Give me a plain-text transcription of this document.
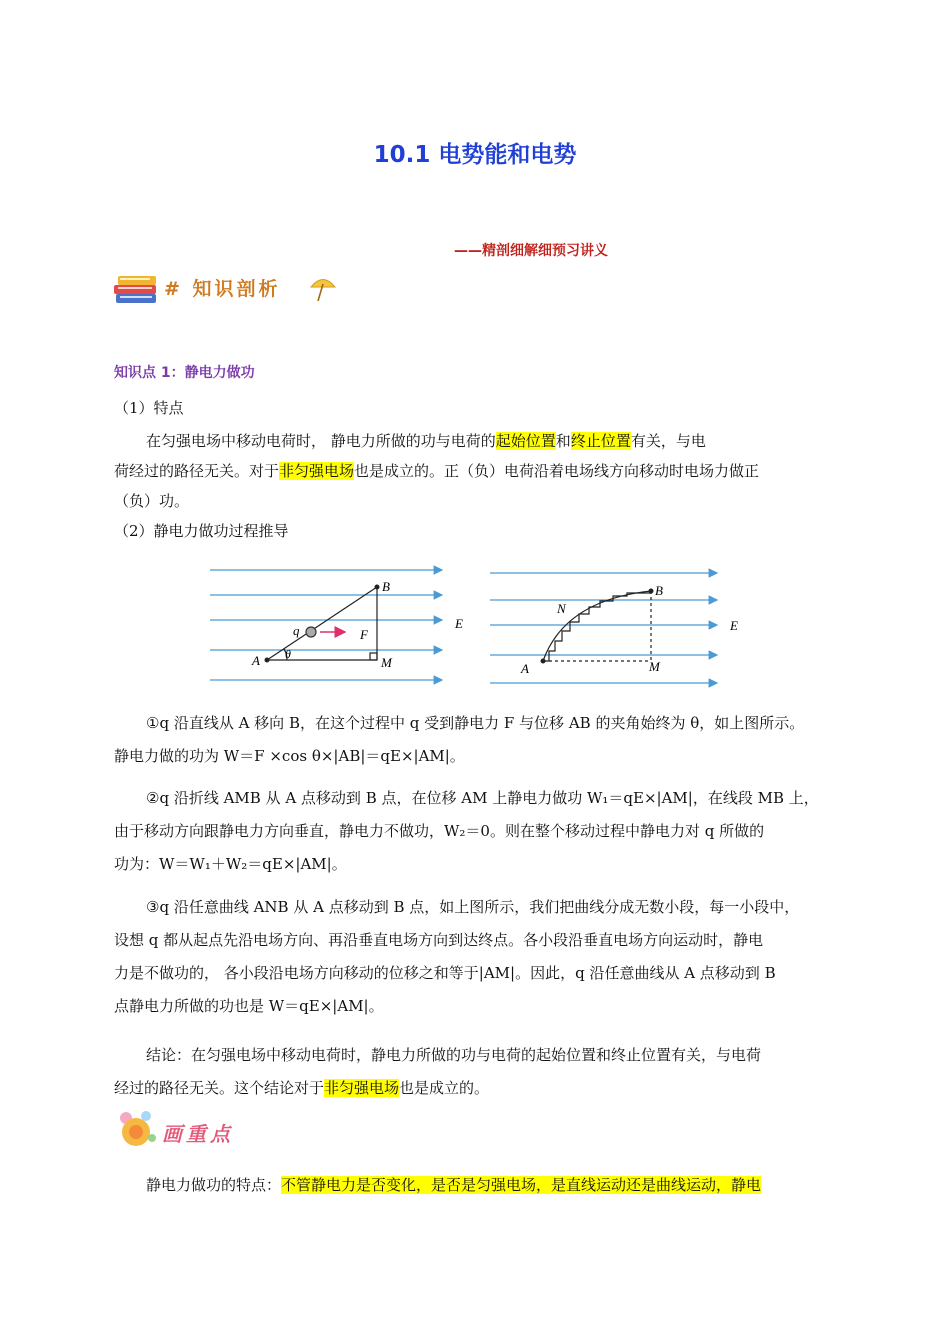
10.1 电势能和电势
——精剖细解细预习讲义
# 知识剖析
知识点 1：静电力做功
（1）特点
在匀强电场中移动电荷时， 静电力所做的功与电荷的起始位置和终止位置有关，与电
荷经过的路径无关。对于非匀强电场也是成立的。正（负）电荷沿着电场线方向移动时电场力做正
（负）功。
（2）静电力做功过程推导
B
q	F
E
A θ
M
B
N
E
A	M
①q 沿直线从 A 移向 B，在这个过程中 q 受到静电力 F 与位移 AB 的夹角始终为 θ，如上图所示。
静电力做的功为 W＝F ×cos θ×|AB|＝qE×|AM|。
②q 沿折线 AMB 从 A 点移动到 B 点，在位移 AM 上静电力做功 W₁＝qE×|AM|，在线段 MB 上，
由于移动方向跟静电力方向垂直，静电力不做功，W₂＝0。则在整个移动过程中静电力对 q 所做的
功为：W＝W₁＋W₂＝qE×|AM|。
③q 沿任意曲线 ANB 从 A 点移动到 B 点，如上图所示，我们把曲线分成无数小段，每一小段中，
设想 q 都从起点先沿电场方向、再沿垂直电场方向到达终点。各小段沿垂直电场方向运动时，静电
力是不做功的， 各小段沿电场方向移动的位移之和等于|AM|。因此，q 沿任意曲线从 A 点移动到 B
点静电力所做的功也是 W＝qE×|AM|。
结论：在匀强电场中移动电荷时，静电力所做的功与电荷的起始位置和终止位置有关，与电荷
经过的路径无关。这个结论对于非匀强电场也是成立的。
画重点
静电力做功的特点：不管静电力是否变化，是否是匀强电场，是直线运动还是曲线运动，静电
